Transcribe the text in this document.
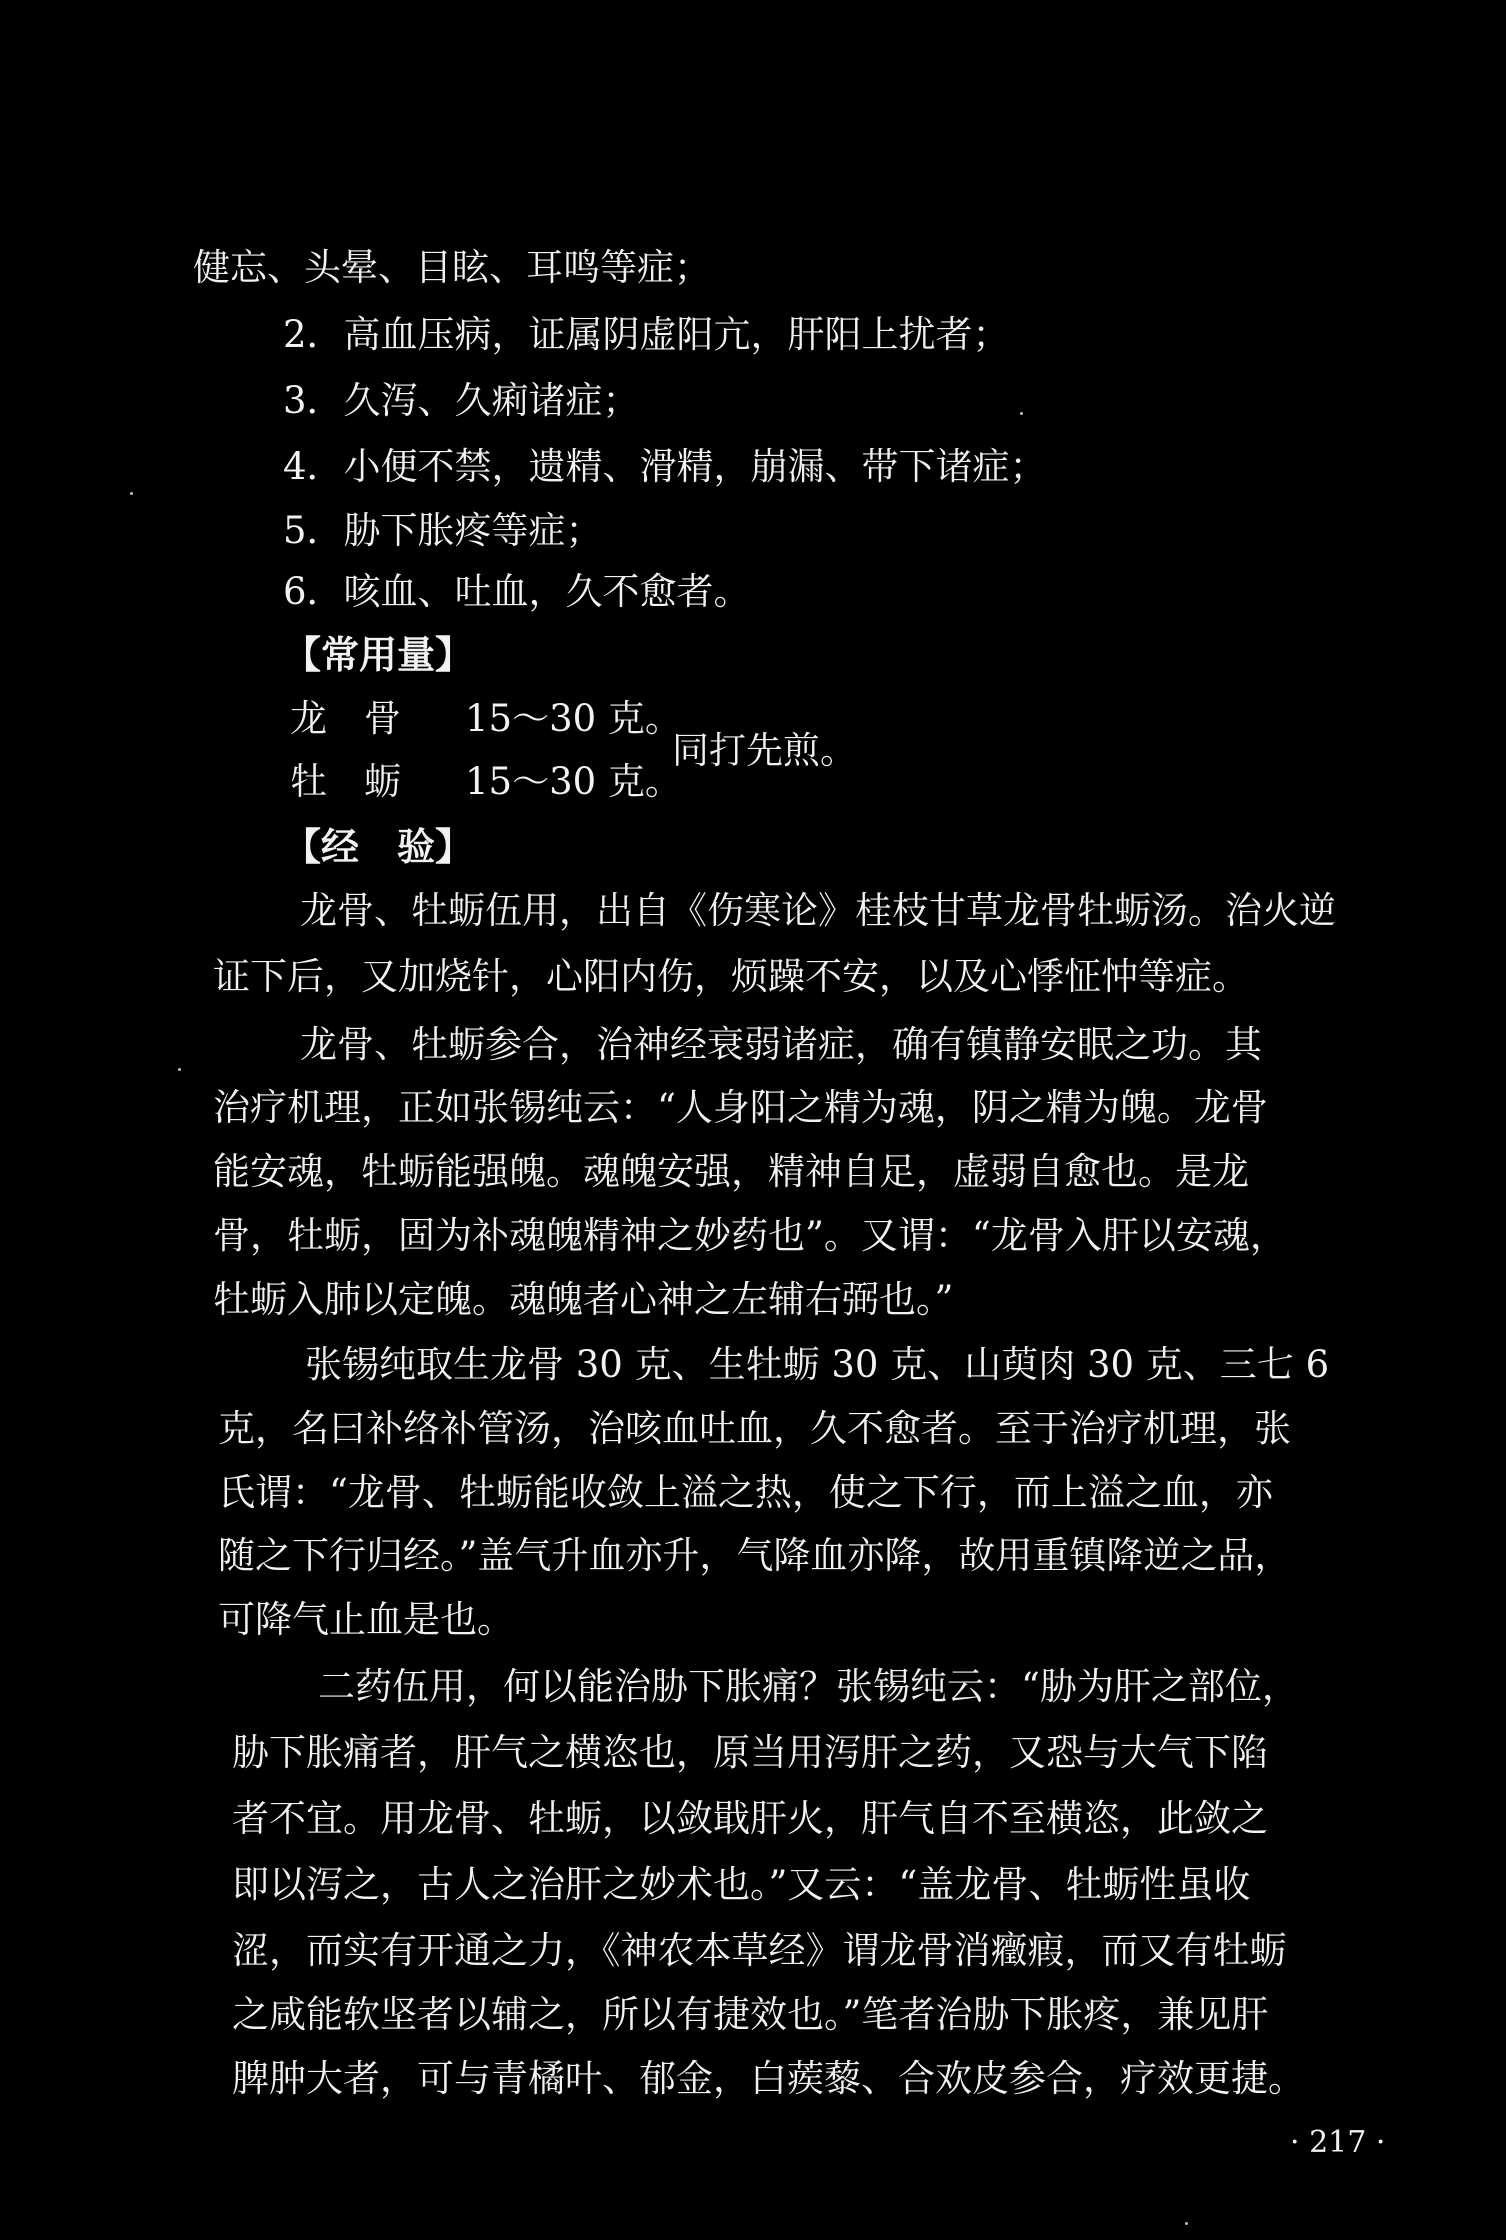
健忘、头晕、目眩、耳鸣等症；
2．高血压病，证属阴虚阳亢，肝阳上扰者；
3．久泻、久痢诸症；
4．小便不禁，遗精、滑精，崩漏、带下诸症；
5．胁下胀疼等症；
6．咳血、吐血，久不愈者。
【常用量】
龙　骨 15～30 克。
牡　蛎 15～30 克。
同打先煎。
【经　验】
龙骨、牡蛎伍用，出自《伤寒论》桂枝甘草龙骨牡蛎汤。治火逆
证下后，又加烧针，心阳内伤，烦躁不安，以及心悸怔忡等症。
龙骨、牡蛎参合，治神经衰弱诸症，确有镇静安眠之功。其
治疗机理，正如张锡纯云：“人身阳之精为魂，阴之精为魄。龙骨
能安魂，牡蛎能强魄。魂魄安强，精神自足，虚弱自愈也。是龙
骨，牡蛎，固为补魂魄精神之妙药也”。又谓：“龙骨入肝以安魂，
牡蛎入肺以定魄。魂魄者心神之左辅右弼也。”
张锡纯取生龙骨 30 克、生牡蛎 30 克、山萸肉 30 克、三七 6
克，名曰补络补管汤，治咳血吐血，久不愈者。至于治疗机理，张
氏谓：“龙骨、牡蛎能收敛上溢之热，使之下行，而上溢之血，亦
随之下行归经。”盖气升血亦升，气降血亦降，故用重镇降逆之品，
可降气止血是也。
二药伍用，何以能治胁下胀痛？张锡纯云：“胁为肝之部位，
胁下胀痛者，肝气之横恣也，原当用泻肝之药，又恐与大气下陷
者不宜。用龙骨、牡蛎，以敛戢肝火，肝气自不至横恣，此敛之
即以泻之，古人之治肝之妙术也。”又云：“盖龙骨、牡蛎性虽收
涩，而实有开通之力，《神农本草经》谓龙骨消癥瘕，而又有牡蛎
之咸能软坚者以辅之，所以有捷效也。”笔者治胁下胀疼，兼见肝
脾肿大者，可与青橘叶、郁金，白蒺藜、合欢皮参合，疗效更捷。
· 217 ·
